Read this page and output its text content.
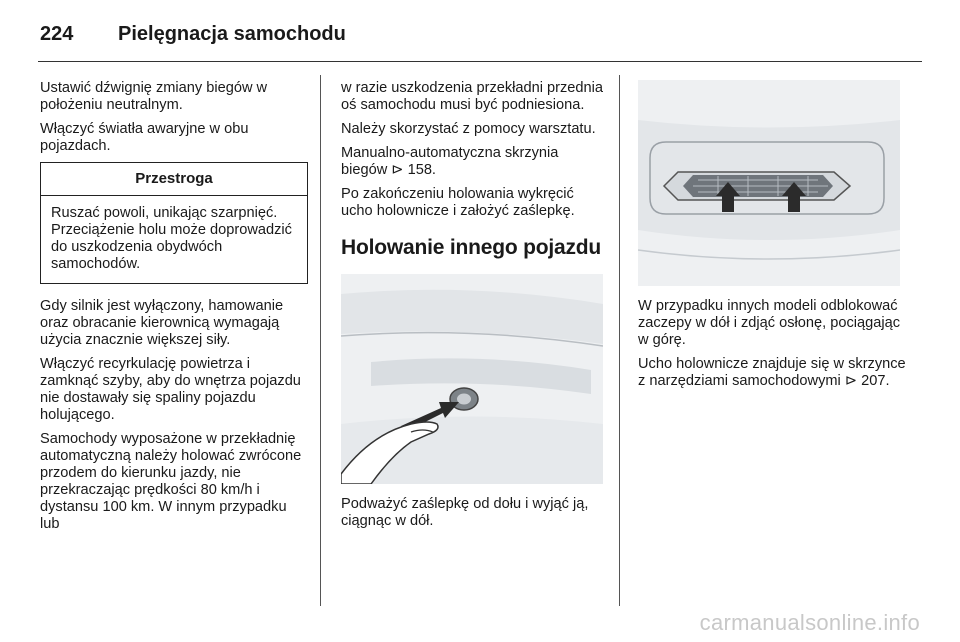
224	Pielęgnacja samochodu

Ustawić dźwignię zmiany biegów w położeniu neutralnym.

Włączyć światła awaryjne w obu pojazdach.

Przestroga
Ruszać powoli, unikając szarpnięć. Przeciążenie holu może doprowadzić do uszkodzenia obydwóch samochodów.

Gdy silnik jest wyłączony, hamowanie oraz obracanie kierownicą wymagają użycia znacznie większej siły.

Włączyć recyrkulację powietrza i zamknąć szyby, aby do wnętrza pojazdu nie dostawały się spaliny pojazdu holującego.

Samochody wyposażone w przekładnię automatyczną należy holować zwrócone przodem do kierunku jazdy, nie przekraczając prędkości 80 km/h i dystansu 100 km. W innym przypadku lub

w razie uszkodzenia przekładni przednia oś samochodu musi być podniesiona.

Należy skorzystać z pomocy warsztatu.

Manualno-automatyczna skrzynia biegów ⊳ 158.

Po zakończeniu holowania wykręcić ucho holownicze i założyć zaślepkę.

Holowanie innego pojazdu

Podważyć zaślepkę od dołu i wyjąć ją, ciągnąc w dół.

W przypadku innych modeli odblokować zaczepy w dół i zdjąć osłonę, pociągając w górę.

Ucho holownicze znajduje się w skrzynce z narzędziami samochodowymi ⊳ 207.

carmanualsonline.info
